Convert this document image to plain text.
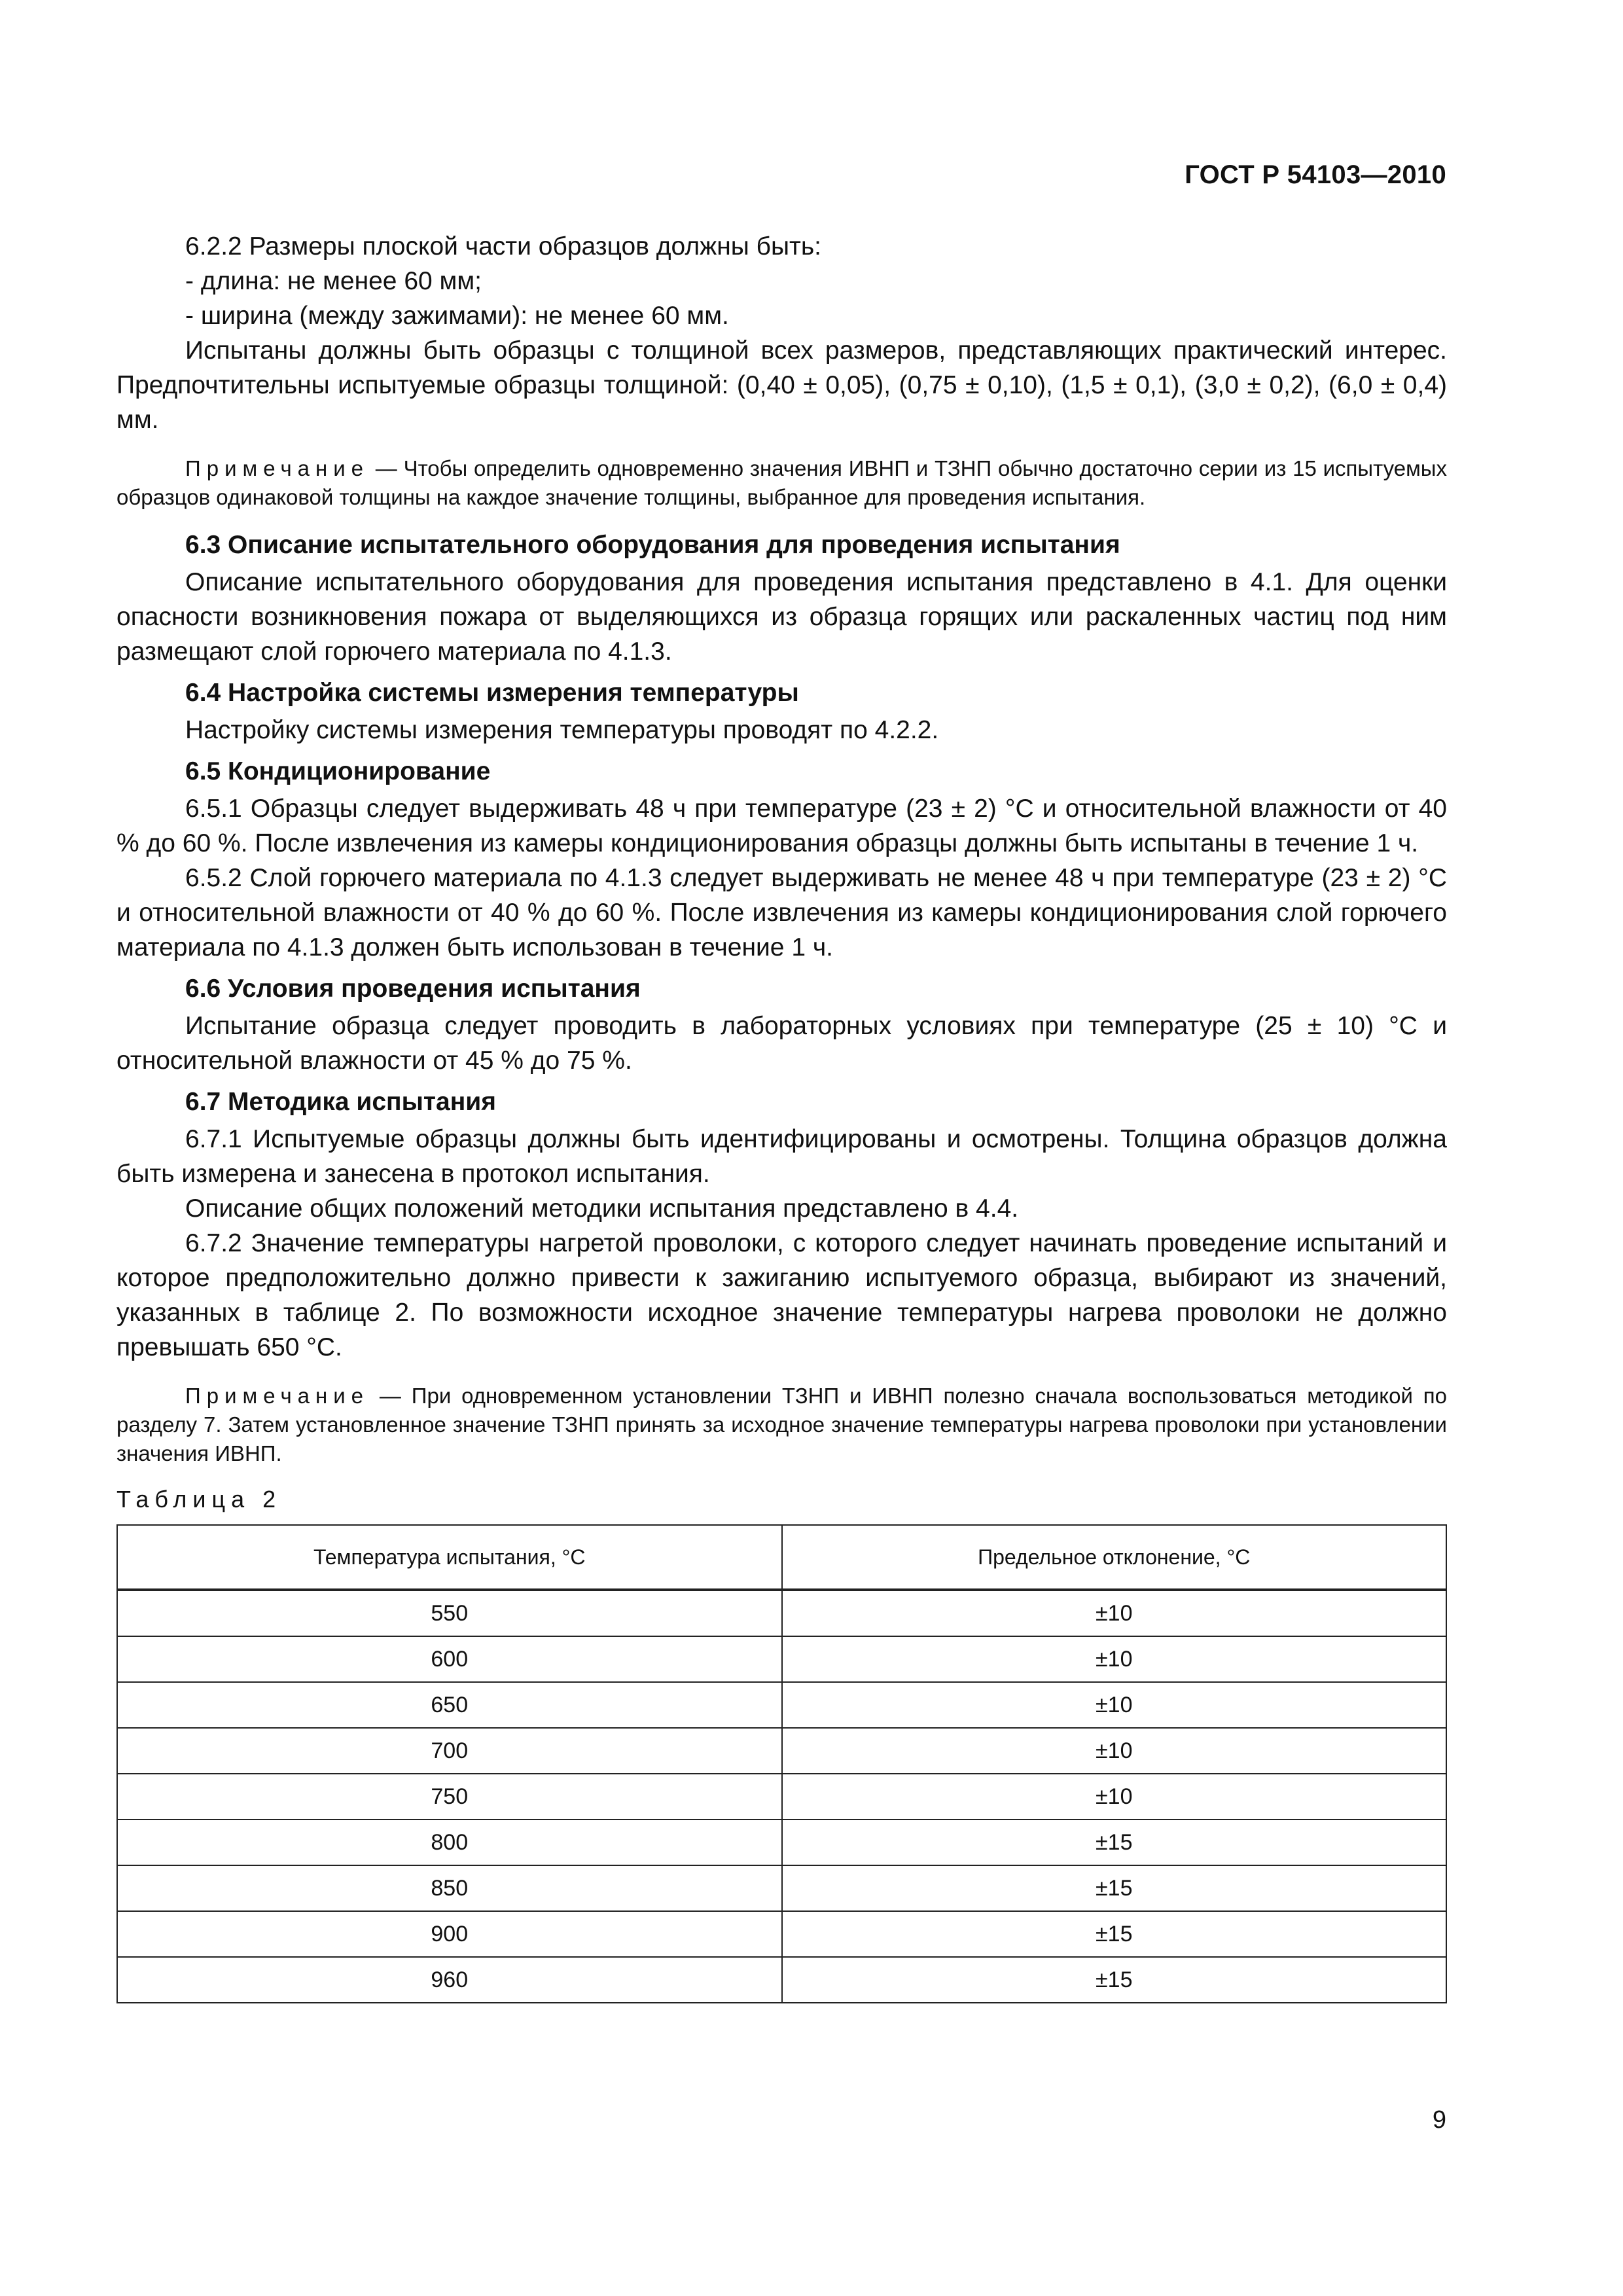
ГОСТ Р 54103—2010

6.2.2 Размеры плоской части образцов должны быть:

- длина: не менее 60 мм;

- ширина (между зажимами): не менее 60 мм.

Испытаны должны быть образцы с толщиной всех размеров, представляющих практический интерес. Предпочтительны испытуемые образцы толщиной: (0,40 ± 0,05), (0,75 ± 0,10), (1,5 ± 0,1), (3,0 ± 0,2), (6,0 ± 0,4) мм.

Примечание — Чтобы определить одновременно значения ИВНП и ТЗНП обычно достаточно серии из 15 испытуемых образцов одинаковой толщины на каждое значение толщины, выбранное для проведения испытания.

6.3 Описание испытательного оборудования для проведения испытания

Описание испытательного оборудования для проведения испытания представлено в 4.1. Для оценки опасности возникновения пожара от выделяющихся из образца горящих или раскаленных частиц под ним размещают слой горючего материала по 4.1.3.

6.4 Настройка системы измерения температуры

Настройку системы измерения температуры проводят по 4.2.2.

6.5 Кондиционирование

6.5.1 Образцы следует выдерживать 48 ч при температуре (23 ± 2) °С и относительной влажности от 40 % до 60 %. После извлечения из камеры кондиционирования образцы должны быть испытаны в течение 1 ч.

6.5.2 Слой горючего материала по 4.1.3 следует выдерживать не менее 48 ч при температуре (23 ± 2) °С и относительной влажности от 40 % до 60 %. После извлечения из камеры кондиционирования слой горючего материала по 4.1.3 должен быть использован в течение 1 ч.

6.6 Условия проведения испытания

Испытание образца следует проводить в лабораторных условиях при температуре (25 ± 10) °С и относительной влажности от 45 % до 75 %.

6.7 Методика испытания

6.7.1 Испытуемые образцы должны быть идентифицированы и осмотрены. Толщина образцов должна быть измерена и занесена в протокол испытания.

Описание общих положений методики испытания представлено в 4.4.

6.7.2 Значение температуры нагретой проволоки, с которого следует начинать проведение испытаний и которое предположительно должно привести к зажиганию испытуемого образца, выбирают из значений, указанных в таблице 2. По возможности исходное значение температуры нагрева проволоки не должно превышать 650 °С.

Примечание — При одновременном установлении ТЗНП и ИВНП полезно сначала воспользоваться методикой по разделу 7. Затем установленное значение ТЗНП принять за исходное значение температуры нагрева проволоки при установлении значения ИВНП.

Таблица 2
Температура испытания, °С	Предельное отклонение, °С
550	±10
600	±10
650	±10
700	±10
750	±10
800	±15
850	±15
900	±15
960	±15
9
